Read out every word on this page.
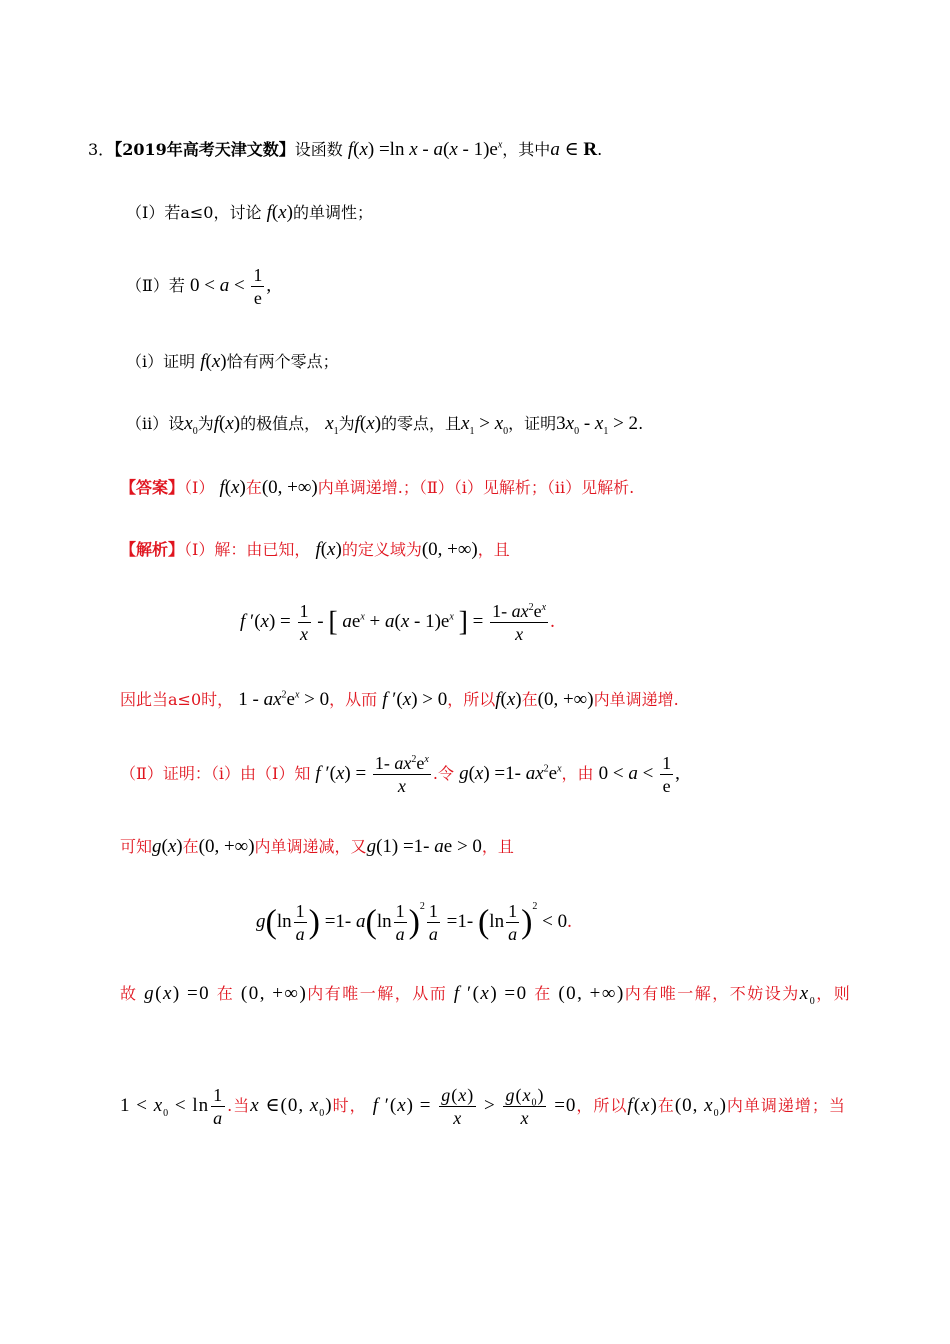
3．【2019年高考天津文数】设函数 f(x) =ln x - $a(x - 1)e^x$，其中a ∈ R.
（Ⅰ）若a≤0，讨论 f(x)的单调性；
（Ⅱ）若 $0 < a < \frac{1}{e}$ ,
（i）证明 f(x)恰有两个零点；
（ii）设$x_0$为f(x)的极值点， $x_1$为f(x)的零点，且$x_1 > x_0$，证明$3x_0 - x_1 > 2$.
【答案】（Ⅰ） f(x)在(0, +∞)内单调递增.；（Ⅱ）（i）见解析；（ii）见解析.
【解析】（Ⅰ）解：由已知， f(x)的定义域为(0, +∞)，且
f $'(x) = \frac{1}{x}$ - [ $ae^x + a(x - 1)e^x$ ] = $\frac{1- ax^2e^x}{x}$ .
因此当a≤0时， $1 - ax^2e^x > 0$，从而 f ′(x) > 0，所以f(x)在(0, +∞)内单调递增.
（Ⅱ）证明：（i）由（Ⅰ）知 f $'(x) = \frac{1- ax^2e^x}{x}$ .令 g(x) =1- $ax^2e^x$，由 $0 < a < \frac{1}{e}$ ,
可知g(x)在(0, +∞)内单调递减，又g(1) =1- ae > 0，且
$g(\ln \frac{1}{a}$ ) =1- $a(\ln \frac{1}{a} )^2 \frac{1}{a} =1-$ $(\ln \frac{1}{a} )^2 < 0$.
故 g(x) =0 在 (0, +∞)内有唯一解，从而 f ′(x) =0 在 (0, +∞)内有唯一解，不妨设为$x_0$，则
$1 < x_0 < \ln \frac{1}{a}$ .当x ∈(0, $x_0$)时， f $'(x) = \frac{g(x)}{x} > \frac{g(x_0)}{x} =0$，所以f(x)在(0, $x_0$)内单调递增；当
